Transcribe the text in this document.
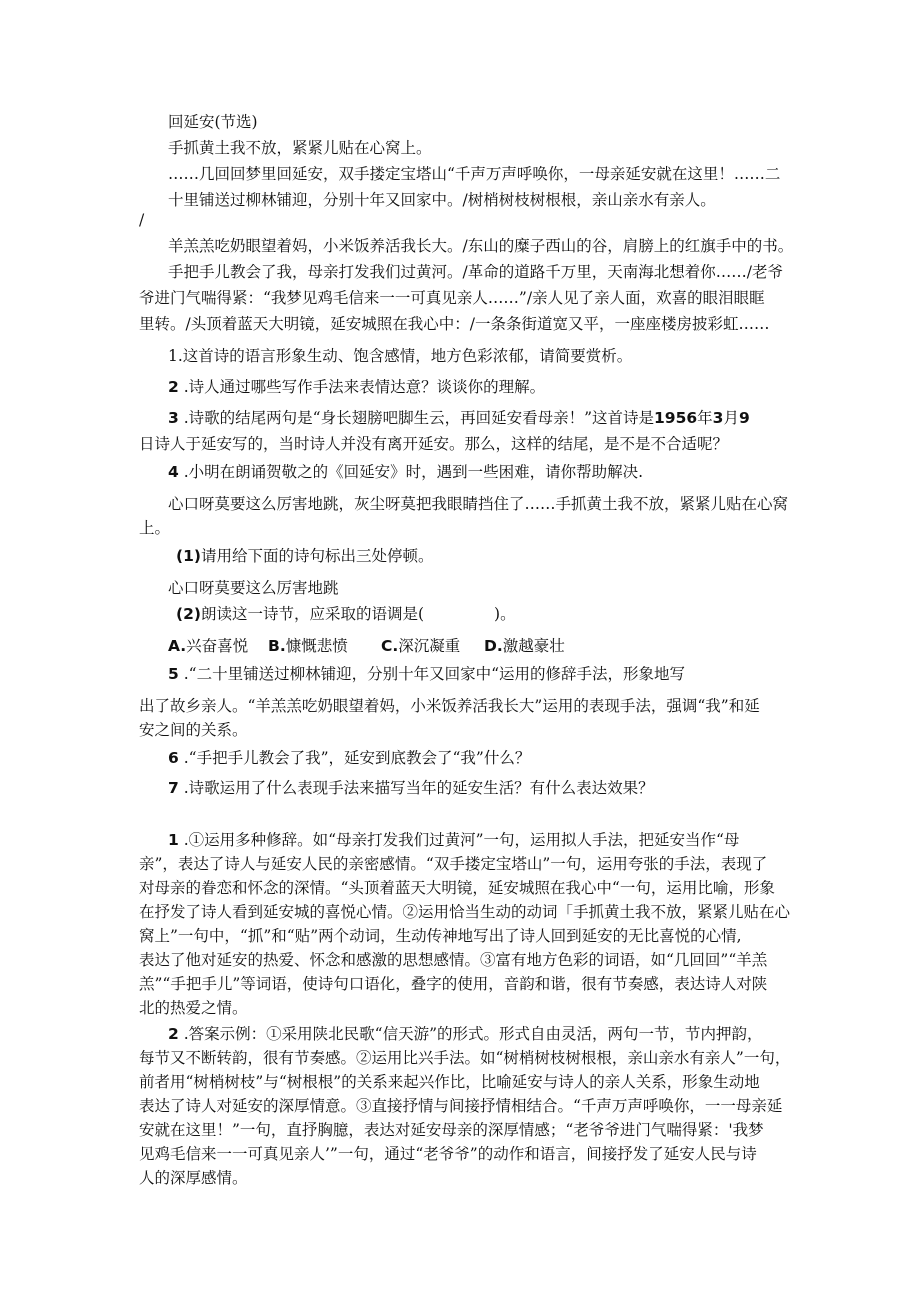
回延安(节选)
手抓黄土我不放，紧紧儿贴在心窝上。
……几回回梦里回延安，双手搂定宝塔山“千声万声呼唤你，一母亲延安就在这里！……二
十里铺送过柳林铺迎，分别十年又回家中。/树梢树枝树根根，亲山亲水有亲人。
/
羊羔羔吃奶眼望着妈，小米饭养活我长大。/东山的糜子西山的谷，肩膀上的红旗手中的书。
手把手儿教会了我，母亲打发我们过黄河。/革命的道路千万里，天南海北想着你……/老爷
爷进门气喘得紧：“我梦见鸡毛信来一一可真见亲人……”/亲人见了亲人面，欢喜的眼泪眼眶
里转。/头顶着蓝天大明镜，延安城照在我心中：/一条条街道宽又平，一座座楼房披彩虹……
1.这首诗的语言形象生动、饱含感情，地方色彩浓郁，请简要赏析。
2 .诗人通过哪些写作手法来表情达意？谈谈你的理解。
3 .诗歌的结尾两句是“身长翅膀吧脚生云，再回延安看母亲！”这首诗是1956年3月9
日诗人于延安写的，当时诗人并没有离开延安。那么，这样的结尾，是不是不合适呢？
4 .小明在朗诵贺敬之的《回延安》时，遇到一些困难，请你帮助解决.
心口呀莫要这么厉害地跳，灰尘呀莫把我眼睛挡住了……手抓黄土我不放，紧紧儿贴在心窝
上。
(1)请用给下面的诗句标出三处停顿。
心口呀莫要这么厉害地跳
(2)朗读这一诗节，应采取的语调是(	)。
A.兴奋喜悦 B.慷慨悲愤 C.深沉凝重 D.激越豪壮
5 .“二十里铺送过柳林铺迎，分别十年又回家中“运用的修辞手法，形象地写
出了故乡亲人。“羊羔羔吃奶眼望着妈，小米饭养活我长大”运用的表现手法，强调“我”和延
安之间的关系。
6 .“手把手儿教会了我”，延安到底教会了“我”什么？
7 .诗歌运用了什么表现手法来描写当年的延安生活？有什么表达效果？
1 .①运用多种修辞。如“母亲打发我们过黄河”一句，运用拟人手法，把延安当作“母
亲”，表达了诗人与延安人民的亲密感情。“双手搂定宝塔山”一句，运用夸张的手法，表现了
对母亲的眷恋和怀念的深情。“头顶着蓝天大明镜，延安城照在我心中“一句，运用比喻，形象
在抒发了诗人看到延安城的喜悦心情。②运用恰当生动的动词「手抓黄土我不放，紧紧儿贴在心
窝上”一句中，“抓”和“贴”两个动词，生动传神地写出了诗人回到延安的无比喜悦的心情,
表达了他对延安的热爱、怀念和感激的思想感情。③富有地方色彩的词语，如“几回回”“羊羔
羔”“手把手儿”等词语，使诗句口语化，叠字的使用，音韵和谐，很有节奏感，表达诗人对陕
北的热爱之情。
2 .答案示例：①采用陕北民歌“信天游”的形式。形式自由灵活，两句一节，节内押韵，
每节又不断转韵，很有节奏感。②运用比兴手法。如“树梢树枝树根根，亲山亲水有亲人”一句，
前者用“树梢树枝”与“树根根”的关系来起兴作比，比喻延安与诗人的亲人关系，形象生动地
表达了诗人对延安的深厚情意。③直接抒情与间接抒情相结合。“千声万声呼唤你，一一母亲延
安就在这里！”一句，直抒胸臆，表达对延安母亲的深厚情感；“老爷爷进门气喘得紧：'我梦
见鸡毛信来一一可真见亲人’”一句，通过“老爷爷”的动作和语言，间接抒发了延安人民与诗
人的深厚感情。
